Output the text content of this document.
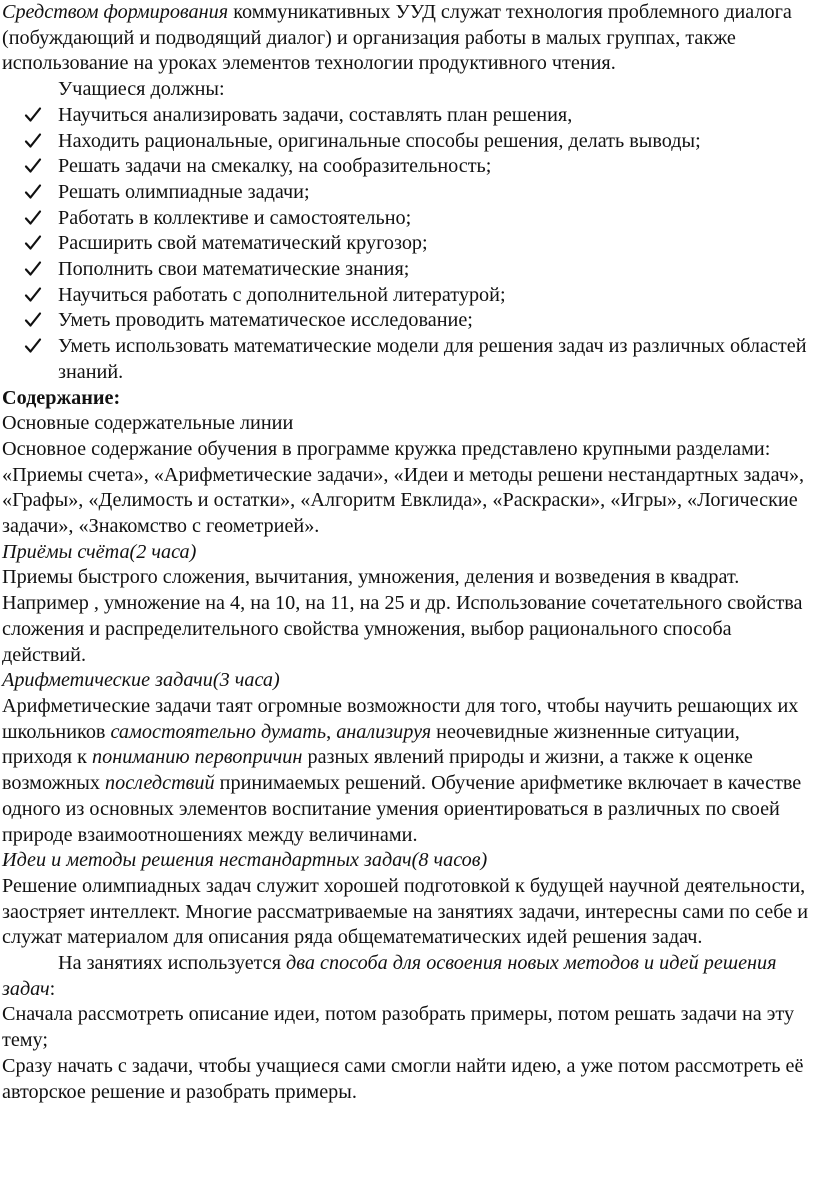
Средством формирования коммуникативных УУД служат технология проблемного диалога (побуждающий и подводящий диалог) и организация работы в малых группах, также использование на уроках элементов технологии продуктивного чтения.

Учащиеся должны:

Научиться анализировать задачи, составлять план решения,
Находить рациональные, оригинальные способы решения, делать выводы;
Решать задачи на смекалку, на сообразительность;
Решать олимпиадные задачи;
Работать в коллективе и самостоятельно;
Расширить свой математический кругозор;
Пополнить свои математические знания;
Научиться работать с дополнительной литературой;
Уметь проводить математическое исследование;
Уметь использовать математические модели для решения задач из различных областей знаний.

Содержание:

Основные содержательные линии

Основное содержание обучения в программе кружка представлено крупными разделами: «Приемы счета», «Арифметические задачи», «Идеи и методы решени нестандартных задач», «Графы», «Делимость и остатки», «Алгоритм Евклида», «Раскраски», «Игры», «Логические задачи», «Знакомство с геометрией».

Приёмы счёта(2 часа)

Приемы быстрого сложения, вычитания, умножения, деления и возведения в квадрат. Например , умножение на 4, на 10, на 11, на 25 и др. Использование сочетательного свойства сложения и распределительного свойства умножения, выбор рационального способа действий.

Арифметические задачи(3 часа)

Арифметические задачи таят огромные возможности для того, чтобы научить решающих их школьников самостоятельно думать, анализируя неочевидные жизненные ситуации, приходя к пониманию первопричин разных явлений природы и жизни, а также к оценке возможных последствий принимаемых решений. Обучение арифметике включает в качестве одного из основных элементов воспитание умения ориентироваться в различных по своей природе взаимоотношениях между величинами.

Идеи и методы решения нестандартных задач(8 часов)

Решение олимпиадных задач служит хорошей подготовкой к будущей научной деятельности, заостряет интеллект. Многие рассматриваемые на занятиях задачи, интересны сами по себе и служат материалом для описания ряда общематематических идей решения задач.

На занятиях используется два способа для освоения новых методов и идей решения задач:

Сначала рассмотреть описание идеи, потом разобрать примеры, потом решать задачи на эту тему;

Сразу начать с задачи, чтобы учащиеся сами смогли найти идею, а уже потом рассмотреть её авторское решение и разобрать примеры.
